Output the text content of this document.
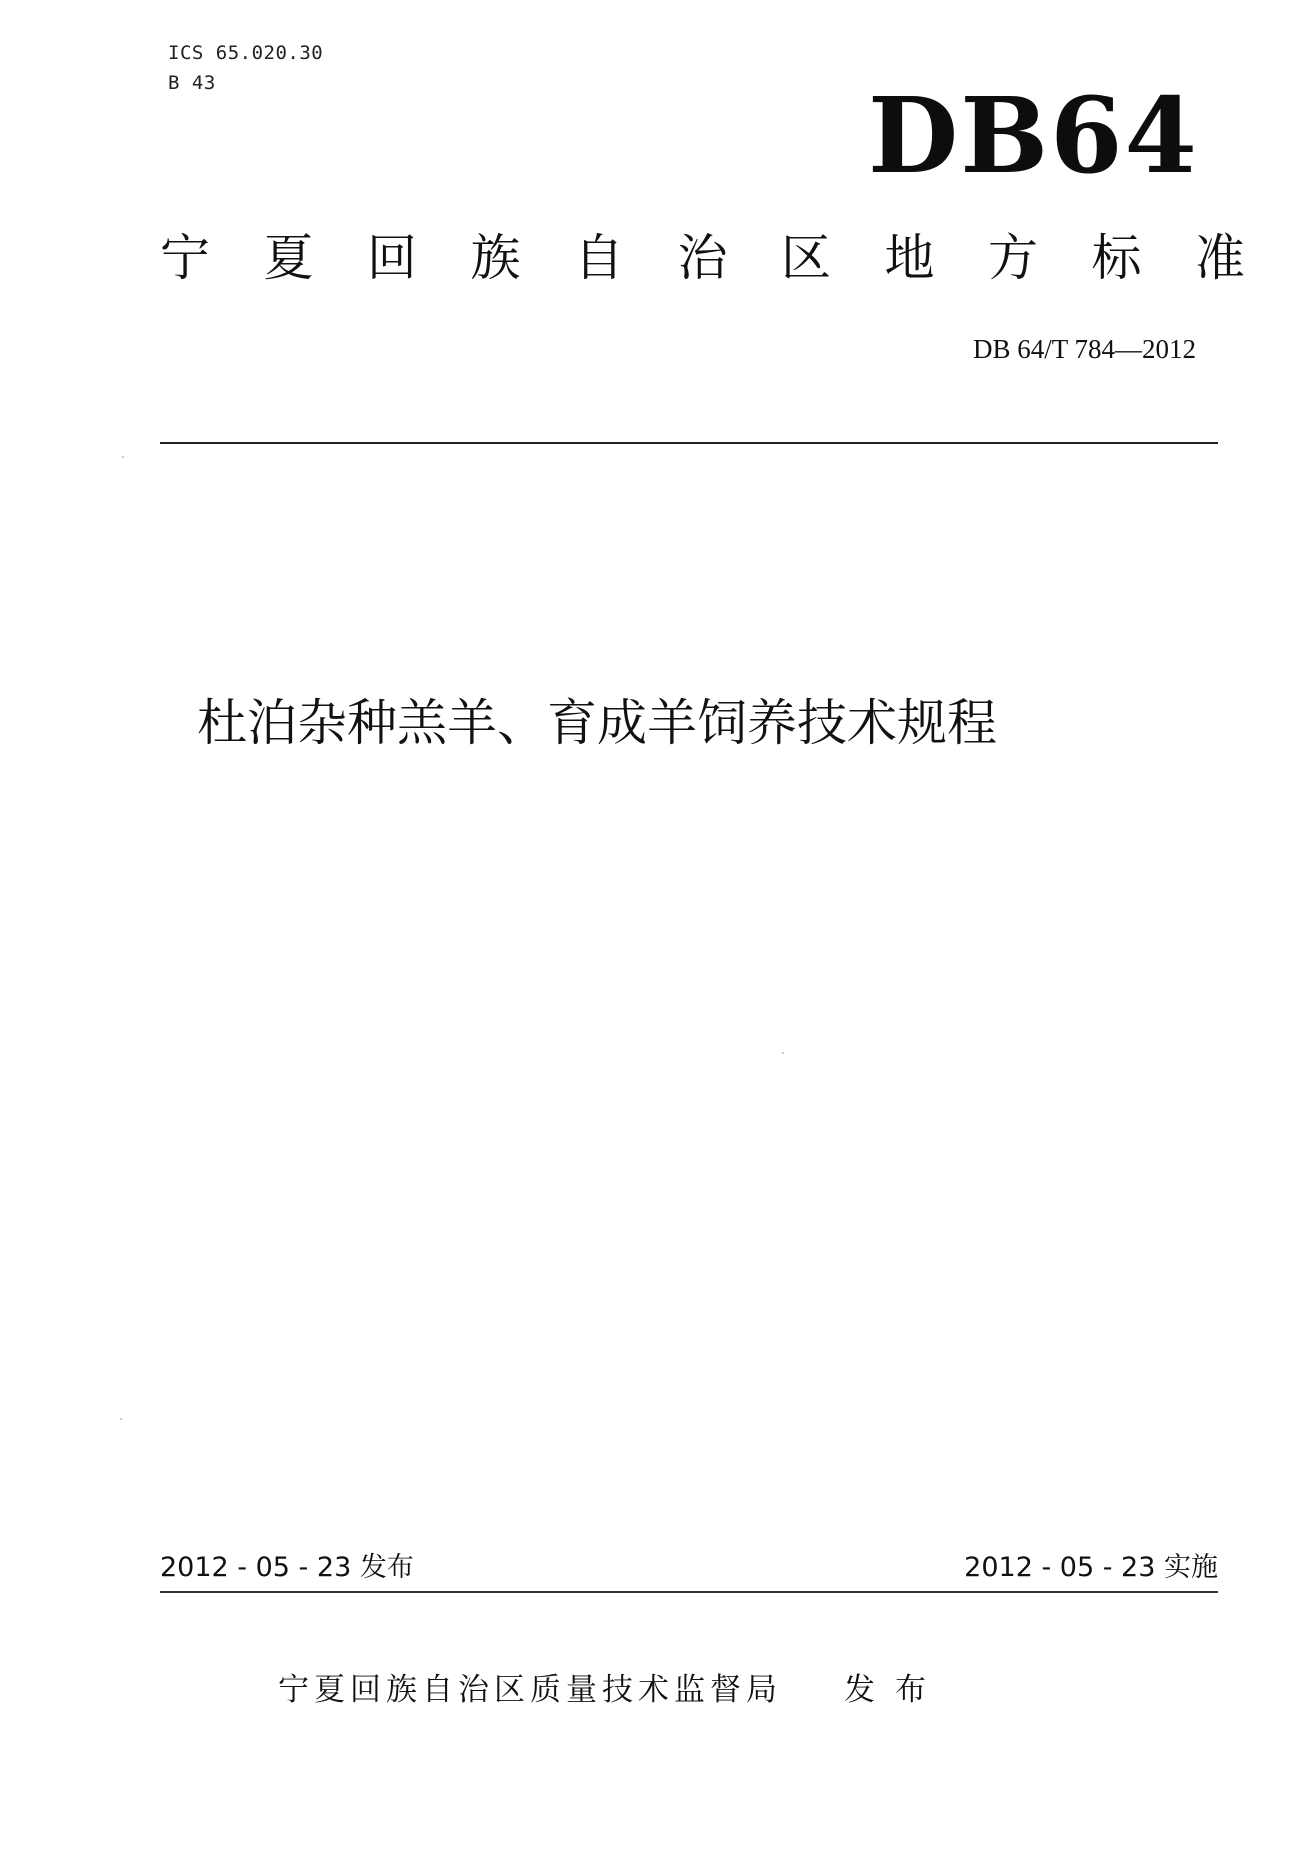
ICS 65.020.30
B 43	DB64
宁 夏 回 族 自 治 区 地 方 标 准
DB 64/T 784—2012
杜泊杂种羔羊、育成羊饲养技术规程
2012 - 05 - 23 发布	2012 - 05 - 23 实施
宁夏回族自治区质量技术监督局 发布
